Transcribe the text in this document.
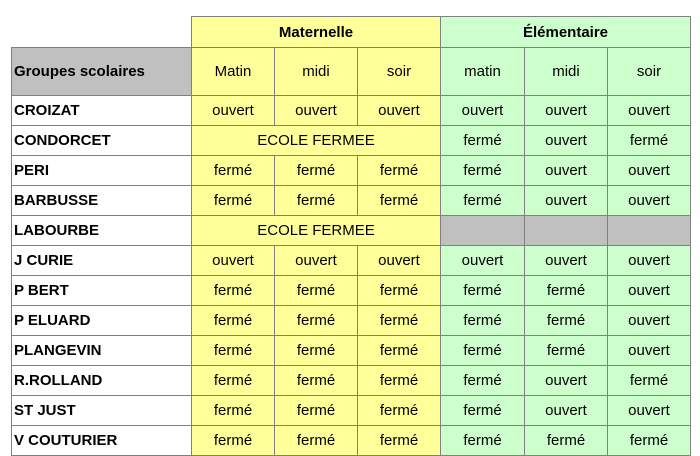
	Maternelle			Élémentaire		
Groupes scolaires	Matin	midi	soir	matin	midi	soir
CROIZAT	ouvert	ouvert	ouvert	ouvert	ouvert	ouvert
CONDORCET	ECOLE FERMEE			fermé	ouvert	fermé
PERI	fermé	fermé	fermé	fermé	ouvert	ouvert
BARBUSSE	fermé	fermé	fermé	fermé	ouvert	ouvert
LABOURBE	ECOLE FERMEE					
J CURIE	ouvert	ouvert	ouvert	ouvert	ouvert	ouvert
P BERT	fermé	fermé	fermé	fermé	fermé	ouvert
P ELUARD	fermé	fermé	fermé	fermé	fermé	ouvert
PLANGEVIN	fermé	fermé	fermé	fermé	fermé	ouvert
R.ROLLAND	fermé	fermé	fermé	fermé	ouvert	fermé
ST JUST	fermé	fermé	fermé	fermé	ouvert	ouvert
V COUTURIER	fermé	fermé	fermé	fermé	fermé	fermé
